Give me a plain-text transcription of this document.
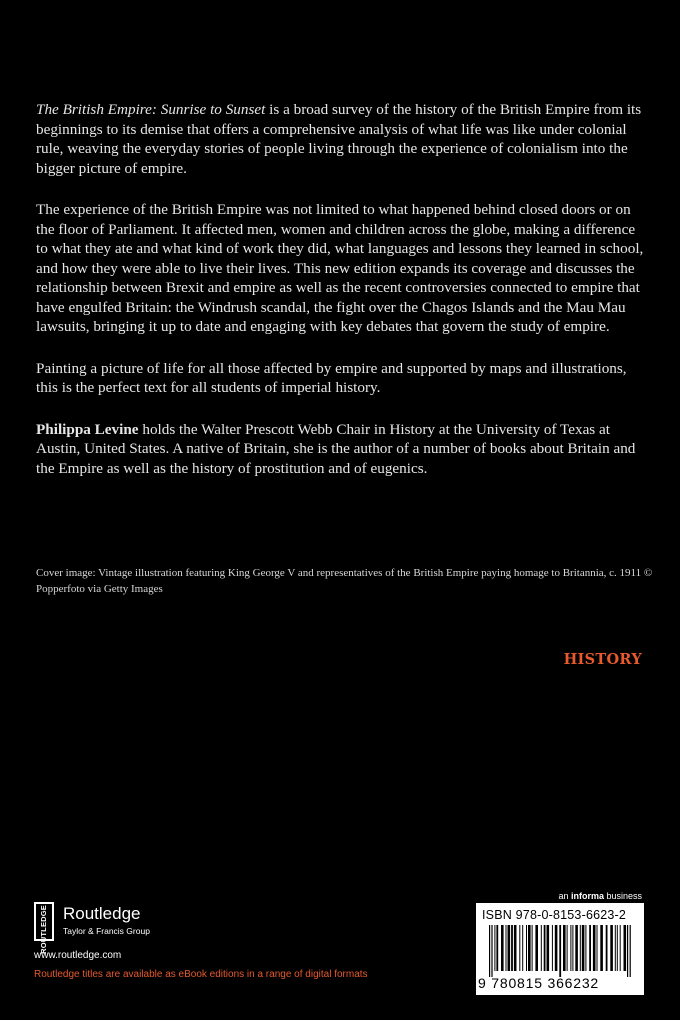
The British Empire: Sunrise to Sunset is a broad survey of the history of the British Empire from its beginnings to its demise that offers a comprehensive analysis of what life was like under colonial rule, weaving the everyday stories of people living through the experience of colonialism into the bigger picture of empire.

The experience of the British Empire was not limited to what happened behind closed doors or on the floor of Parliament. It affected men, women and children across the globe, making a difference to what they ate and what kind of work they did, what languages and lessons they learned in school, and how they were able to live their lives. This new edition expands its coverage and discusses the relationship between Brexit and empire as well as the recent controversies connected to empire that have engulfed Britain: the Windrush scandal, the fight over the Chagos Islands and the Mau Mau lawsuits, bringing it up to date and engaging with key debates that govern the study of empire.

Painting a picture of life for all those affected by empire and supported by maps and illustrations, this is the perfect text for all students of imperial history.

Philippa Levine holds the Walter Prescott Webb Chair in History at the University of Texas at Austin, United States. A native of Britain, she is the author of a number of books about Britain and the Empire as well as the history of prostitution and of eugenics.

Cover image: Vintage illustration featuring King George V and representatives of the British Empire paying homage to Britannia, c. 1911 © Popperfoto via Getty Images
HISTORY
ROUTLEDGE Routledge
Taylor & Francis Group
www.routledge.com
Routledge titles are available as eBook editions in a range of digital formats
an informa business
ISBN 978-0-8153-6623-2
9 780815 366232
